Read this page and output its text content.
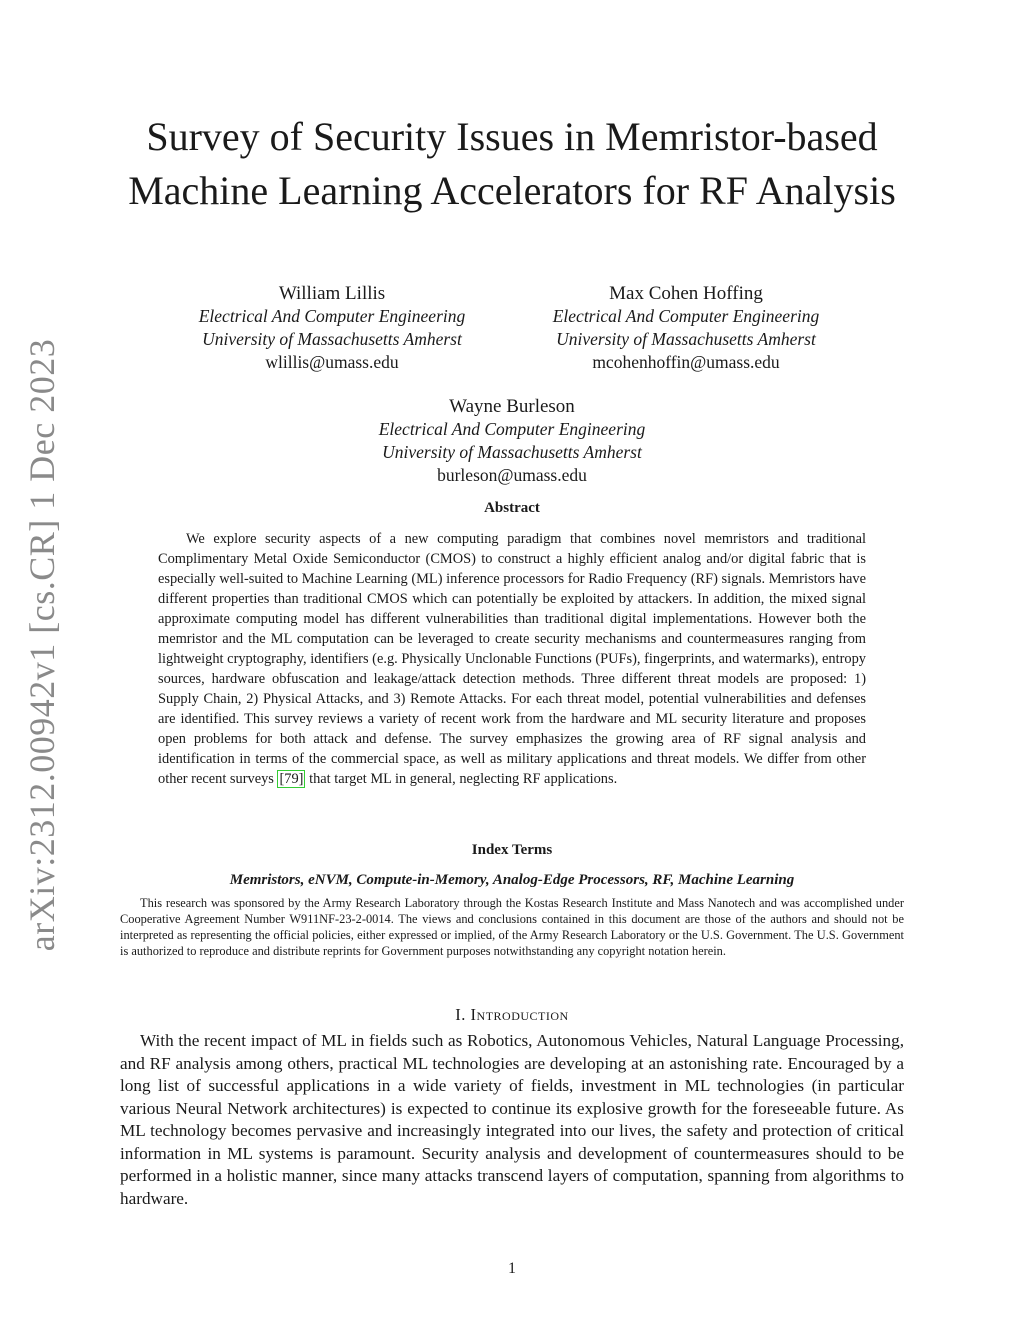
arXiv:2312.00942v1 [cs.CR] 1 Dec 2023
Survey of Security Issues in Memristor-based Machine Learning Accelerators for RF Analysis
William Lillis
Electrical And Computer Engineering
University of Massachusetts Amherst
wlillis@umass.edu
Max Cohen Hoffing
Electrical And Computer Engineering
University of Massachusetts Amherst
mcohenhoffin@umass.edu
Wayne Burleson
Electrical And Computer Engineering
University of Massachusetts Amherst
burleson@umass.edu
Abstract

We explore security aspects of a new computing paradigm that combines novel memristors and traditional Complimentary Metal Oxide Semiconductor (CMOS) to construct a highly efficient analog and/or digital fabric that is especially well-suited to Machine Learning (ML) inference processors for Radio Frequency (RF) signals. Memristors have different properties than traditional CMOS which can potentially be exploited by attackers. In addition, the mixed signal approximate computing model has different vulnerabilities than traditional digital implementations. However both the memristor and the ML computation can be leveraged to create security mechanisms and countermeasures ranging from lightweight cryptography, identifiers (e.g. Physically Unclonable Functions (PUFs), fingerprints, and watermarks), entropy sources, hardware obfuscation and leakage/attack detection methods. Three different threat models are proposed: 1) Supply Chain, 2) Physical Attacks, and 3) Remote Attacks. For each threat model, potential vulnerabilities and defenses are identified. This survey reviews a variety of recent work from the hardware and ML security literature and proposes open problems for both attack and defense. The survey emphasizes the growing area of RF signal analysis and identification in terms of the commercial space, as well as military applications and threat models. We differ from other other recent surveys [79] that target ML in general, neglecting RF applications.

Index Terms
Memristors, eNVM, Compute-in-Memory, Analog-Edge Processors, RF, Machine Learning

This research was sponsored by the Army Research Laboratory through the Kostas Research Institute and Mass Nanotech and was accomplished under Cooperative Agreement Number W911NF-23-2-0014. The views and conclusions contained in this document are those of the authors and should not be interpreted as representing the official policies, either expressed or implied, of the Army Research Laboratory or the U.S. Government. The U.S. Government is authorized to reproduce and distribute reprints for Government purposes notwithstanding any copyright notation herein.

I. Introduction

With the recent impact of ML in fields such as Robotics, Autonomous Vehicles, Natural Language Processing, and RF analysis among others, practical ML technologies are developing at an astonishing rate. Encouraged by a long list of successful applications in a wide variety of fields, investment in ML technologies (in particular various Neural Network architectures) is expected to continue its explosive growth for the foreseeable future. As ML technology becomes pervasive and increasingly integrated into our lives, the safety and protection of critical information in ML systems is paramount. Security analysis and development of countermeasures should to be performed in a holistic manner, since many attacks transcend layers of computation, spanning from algorithms to hardware.

1
